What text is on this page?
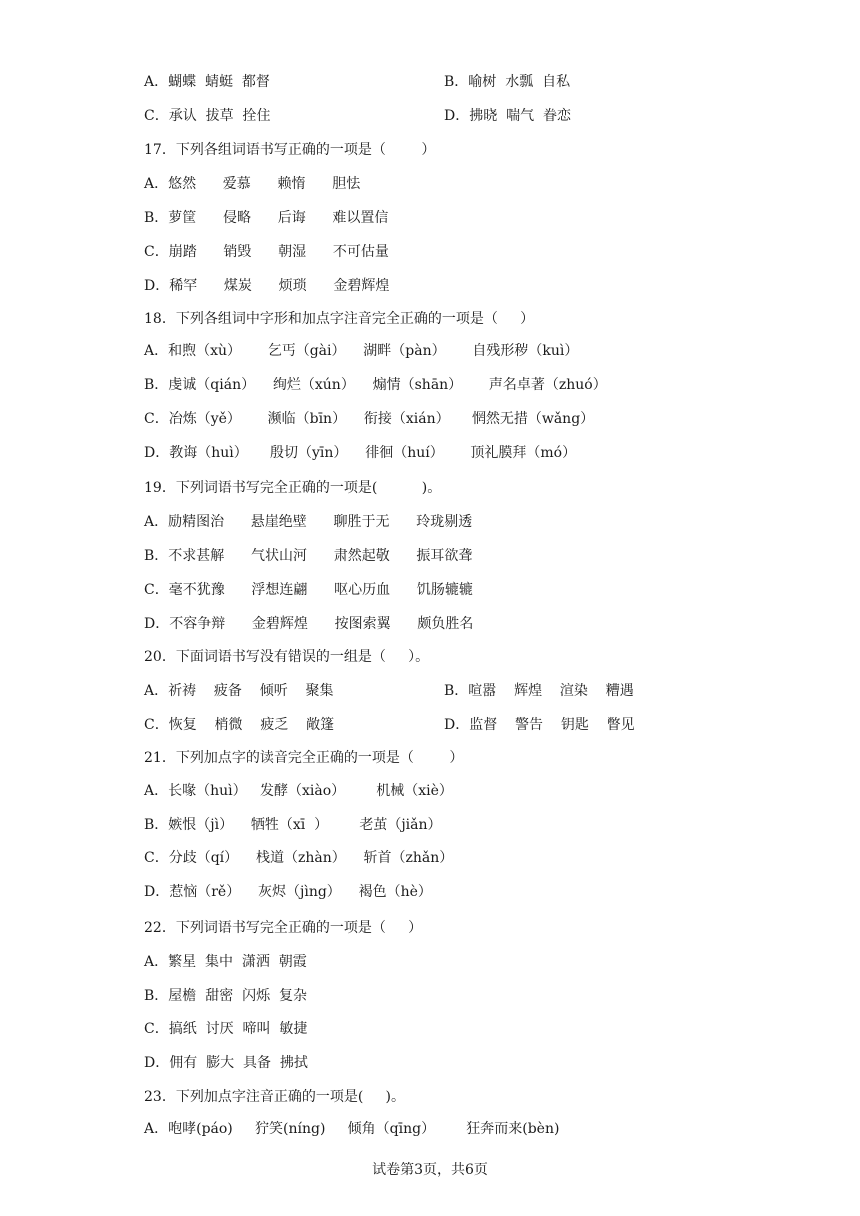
A．蝴蝶  蜻蜓  都督	B．喻树  水瓢  自私
C．承认  拔草  拴住	D．拂晓  喘气  眷恋
17．下列各组词语书写正确的一项是（        ）
A．悠然      爱慕      赖惰      胆怯
B．萝筐      侵略      后诲      难以置信
C．崩踏      销毁      朝湿      不可估量
D．稀罕      煤炭      烦琐      金碧辉煌
18．下列各组词中字形和加点字注音完全正确的一项是（     ）
A．和煦（xù）      乞丐（gài）    湖畔（pàn）      自残形秽（kuì）
B．虔诚（qián）    绚烂（xún）    煽情（shān）      声名卓著（zhuó）
C．冶炼（yě）      濒临（bīn）    衔接（xián）     惘然无措（wǎng）
D．教诲（huì）     殷切（yīn）    徘徊（huí）      顶礼膜拜（mó）
19．下列词语书写完全正确的一项是(          )。
A．励精图治      悬崖绝壁      聊胜于无      玲珑剔透
B．不求甚解      气状山河      肃然起敬      振耳欲聋
C．毫不犹豫      浮想连翩      呕心历血      饥肠辘辘
D．不容争辩      金碧辉煌      按图索翼      颇负胜名
20．下面词语书写没有错误的一组是（     ）。
A．祈祷    疲备    倾听    聚集	B．喧嚣    辉煌    渲染    糟遇
C．恢复    梢微    疲乏    敞篷	D．监督    警告    钥匙    瞥见
21．下列加点字的读音完全正确的一项是（        ）
A．长喙（huì）   发酵（xiào）       机械（xiè）
B．嫉恨（jì）    牺牲（xī  ）       老茧（jiǎn）
C．分歧（qí）    栈道（zhàn）    斩首（zhǎn）
D．惹恼（rě）    灰烬（jìng）    褐色（hè）
22．下列词语书写完全正确的一项是（     ）
A．繁星  集中  潇洒  朝霞
B．屋檐  甜密  闪烁  复杂
C．搞纸  讨厌  啼叫  敏捷
D．佣有  膨大  具备  拂拭
23．下列加点字注音正确的一项是(     )。
A．咆哮(páo)     狞笑(níng)     倾角（qīng）       狂奔而来(bèn)
试卷第3页，共6页
